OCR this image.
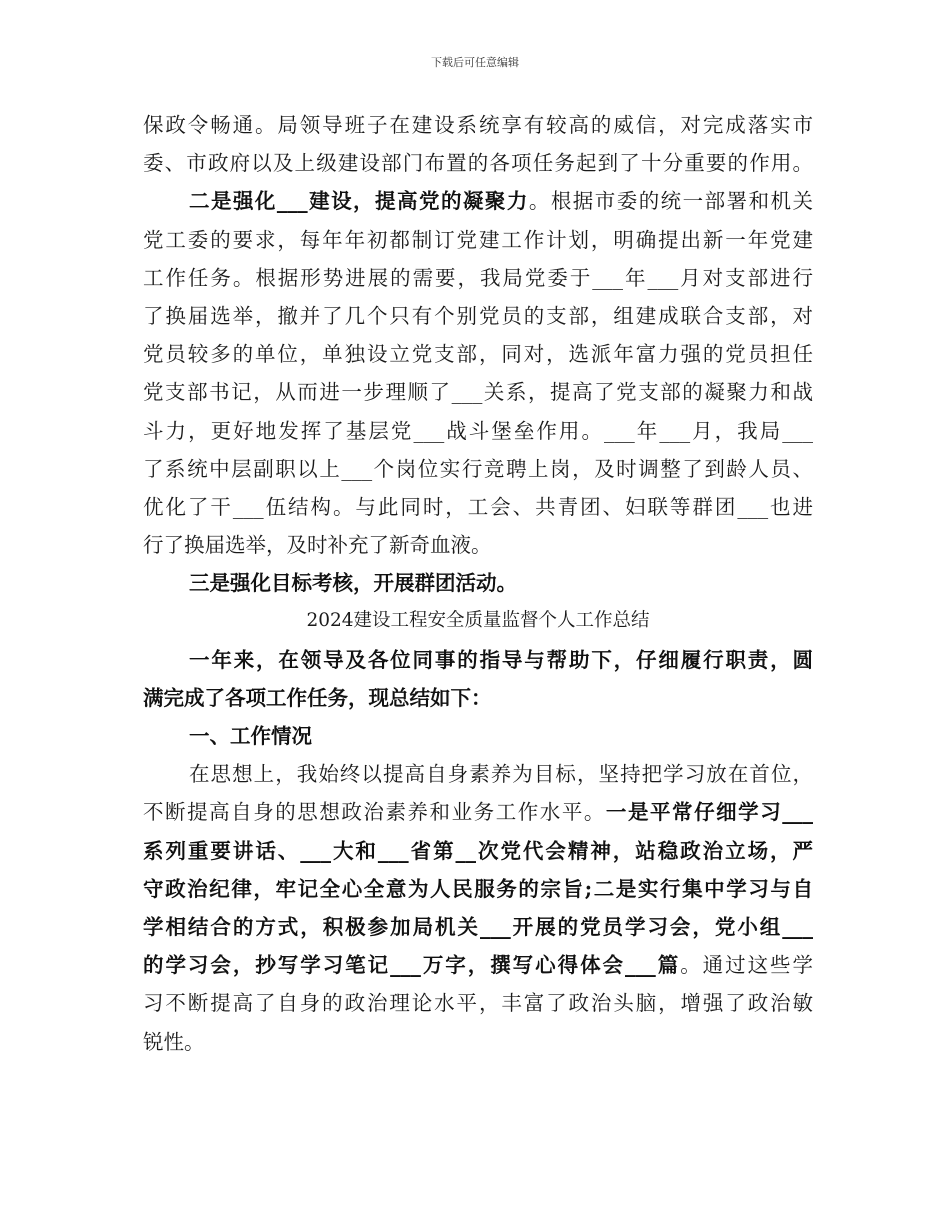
下载后可任意编辑
保政令畅通。局领导班子在建设系统享有较高的威信，对完成落实市
委、市政府以及上级建设部门布置的各项任务起到了十分重要的作用。
二是强化___建设，提高党的凝聚力。根据市委的统一部署和机关
党工委的要求，每年年初都制订党建工作计划，明确提出新一年党建
工作任务。根据形势进展的需要，我局党委于___年___月对支部进行
了换届选举，撤并了几个只有个别党员的支部，组建成联合支部，对
党员较多的单位，单独设立党支部，同对，选派年富力强的党员担任
党支部书记，从而进一步理顺了___关系，提高了党支部的凝聚力和战
斗力，更好地发挥了基层党___战斗堡垒作用。___年___月，我局___
了系统中层副职以上___个岗位实行竞聘上岗，及时调整了到龄人员、
优化了干___伍结构。与此同时，工会、共青团、妇联等群团___也进
行了换届选举，及时补充了新奇血液。
三是强化目标考核，开展群团活动。
2024建设工程安全质量监督个人工作总结
一年来，在领导及各位同事的指导与帮助下，仔细履行职责，圆
满完成了各项工作任务，现总结如下：
一、工作情况
在思想上，我始终以提高自身素养为目标，坚持把学习放在首位，
不断提高自身的思想政治素养和业务工作水平。一是平常仔细学习___
系列重要讲话、___大和___省第__次党代会精神，站稳政治立场，严
守政治纪律，牢记全心全意为人民服务的宗旨;二是实行集中学习与自
学相结合的方式，积极参加局机关___开展的党员学习会，党小组___
的学习会，抄写学习笔记___万字，撰写心得体会___篇。通过这些学
习不断提高了自身的政治理论水平，丰富了政治头脑，增强了政治敏
锐性。
